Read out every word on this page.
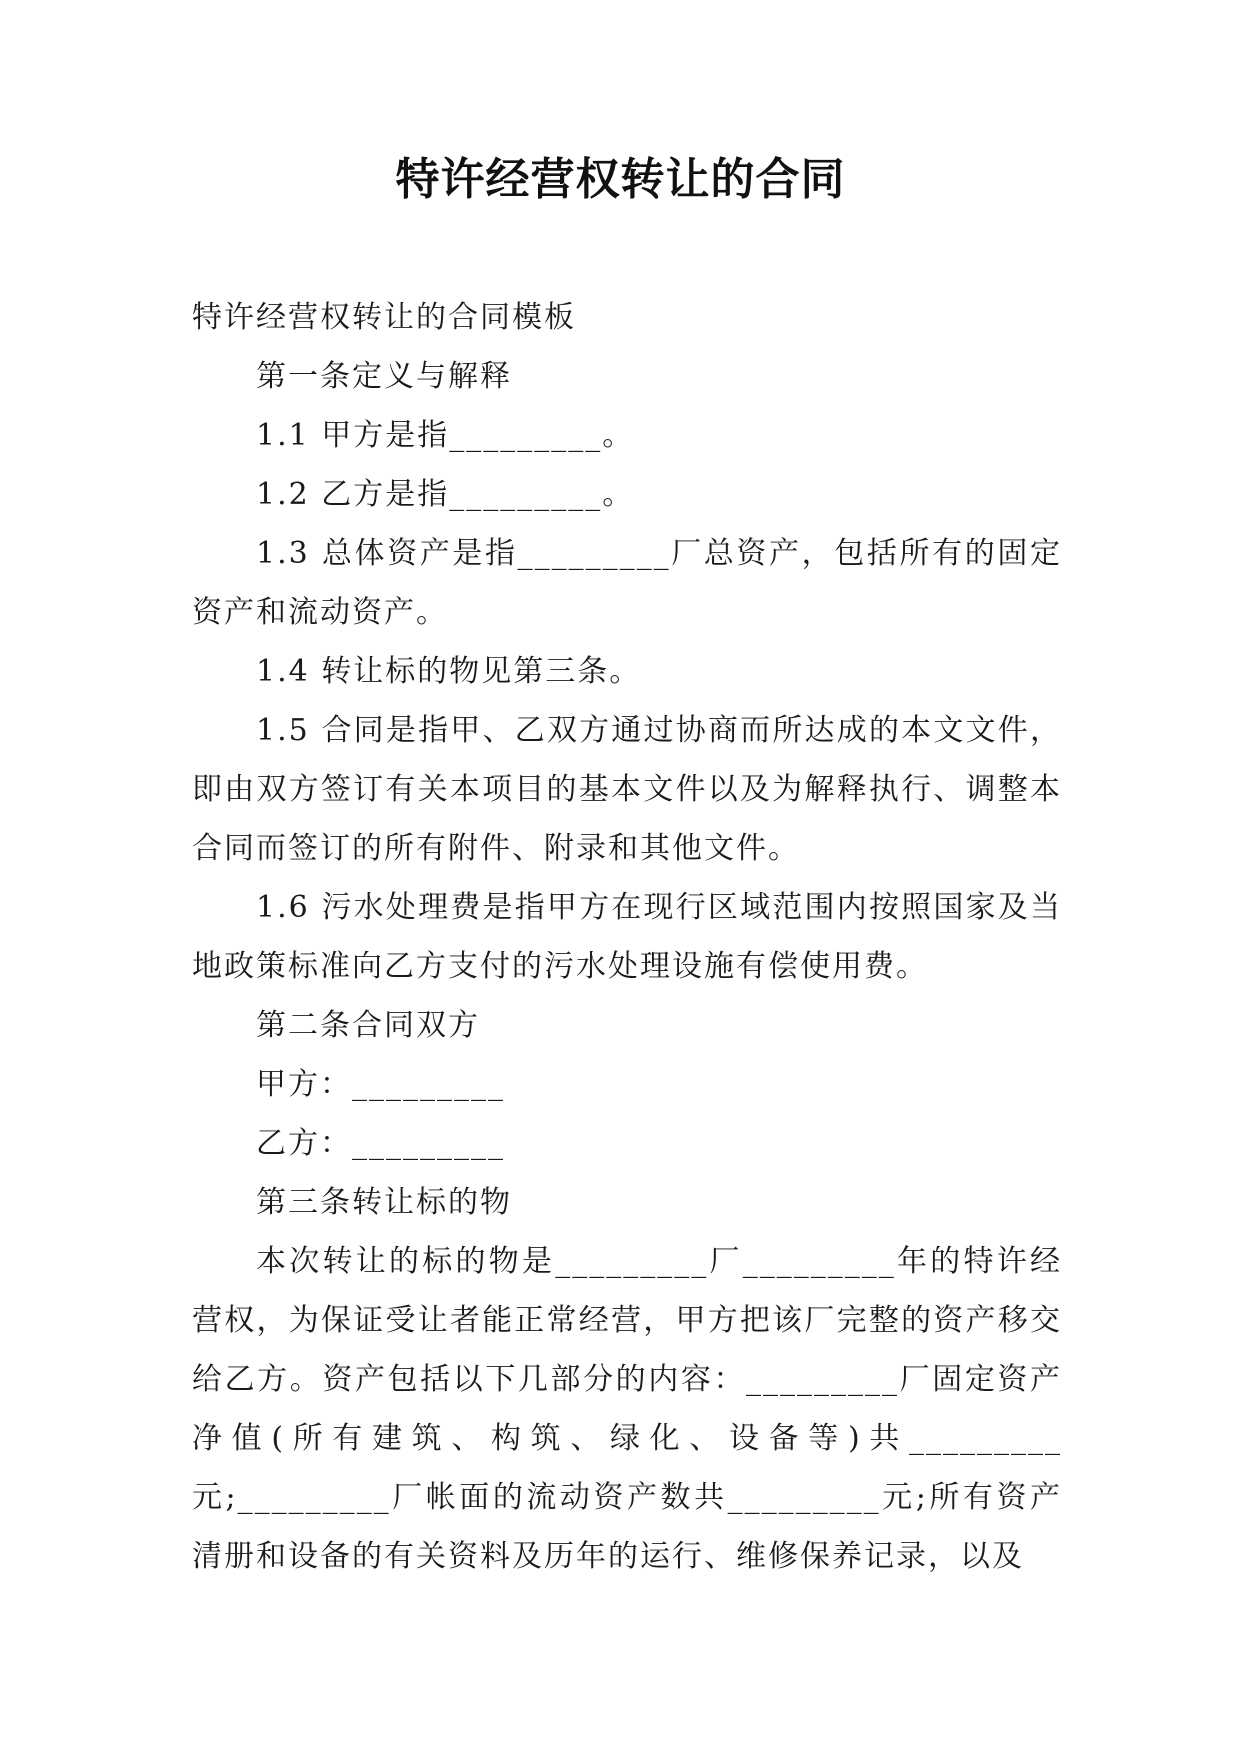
特许经营权转让的合同

特许经营权转让的合同模板

第一条定义与解释

1.1 甲方是指_________。

1.2 乙方是指_________。

1.3 总体资产是指_________厂总资产，包括所有的固定资产和流动资产。

1.4 转让标的物见第三条。

1.5 合同是指甲、乙双方通过协商而所达成的本文文件，即由双方签订有关本项目的基本文件以及为解释执行、调整本合同而签订的所有附件、附录和其他文件。

1.6 污水处理费是指甲方在现行区域范围内按照国家及当地政策标准向乙方支付的污水处理设施有偿使用费。

第二条合同双方

甲方：_________

乙方：_________

第三条转让标的物

本次转让的标的物是_________厂_________年的特许经营权，为保证受让者能正常经营，甲方把该厂完整的资产移交给乙方。资产包括以下几部分的内容：_________厂固定资产净值(所有建筑、构筑、绿化、设备等)共_________元;_________厂帐面的流动资产数共_________元;所有资产清册和设备的有关资料及历年的运行、维修保养记录，以及
